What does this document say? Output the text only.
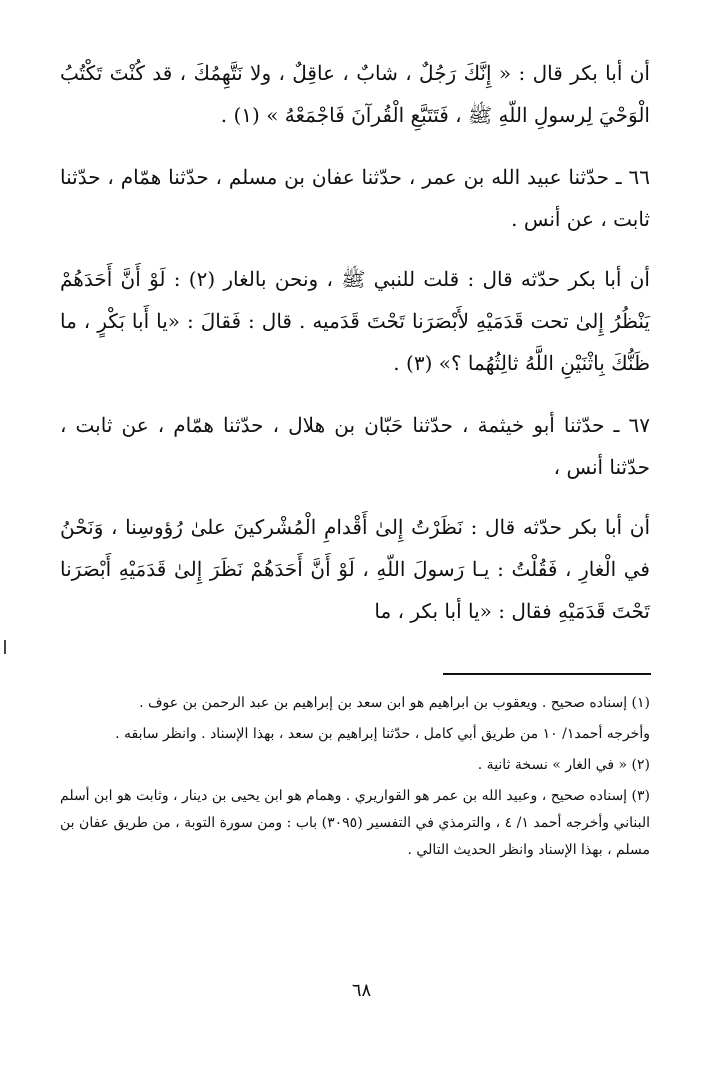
أن أبا بكر قال : « إِنَّكَ رَجُلٌ ، شابٌ ، عاقِلٌ ، ولا نَتَّهِمُكَ ، قد كُنْتَ تَكْتُبُ الْوَحْيَ لِرسولِ اللّهِ ﷺ ، فَتَتَبَّعِ الْقُرآنَ فَاجْمَعْهُ » (١) .

٦٦ ـ حدّثنا عبيد الله بن عمر ، حدّثنا عفان بن مسلم ، حدّثنا همّام ، حدّثنا ثابت ، عن أنس .

أن أبا بكر حدّثه قال : قلت للنبي ﷺ ، ونحن بالغار (٢) : لَوْ أَنَّ أَحَدَهُمْ يَنْظُرُ إِلىٰ تحت قَدَمَيْهِ لأَبْصَرَنا تَحْتَ قَدَميه . قال : فَقالَ : «يا أَبا بَكْرٍ ، ما ظَنُّكَ بِاثْنَيْنِ اللَّهُ ثالِثُهُما ؟» (٣) .

٦٧ ـ حدّثنا أبو خيثمة ، حدّثنا حَبّان بن هلال ، حدّثنا همّام ، عن ثابت ، حدّثنا أنس ،

أن أبا بكر حدّثه قال : نَظَرْتُ إِلىٰ أَقْدامِ الْمُشْركينَ علىٰ رُؤوسِنا ، وَنَحْنُ في الْغارِ ، فَقُلْتُ : يـا رَسولَ اللّهِ ، لَوْ أَنَّ أَحَدَهُمْ نَظَرَ إِلىٰ قَدَمَيْهِ أَبْصَرَنا تَحْتَ قَدَمَيْهِ فقال : «يا أبا بكر ، ما

(١) إسناده صحيح . ويعقوب بن ابراهيم هو ابن سعد بن إبراهيم بن عبد الرحمن بن عوف .

وأخرجه أحمد١/ ١٠ من طريق أبي كامل ، حدّثنا إبراهيم بن سعد ، بهذا الإسناد . وانظر سابقه .

(٢) « في الغار » نسخة ثانية .

(٣) إسناده صحيح ، وعبيد الله بن عمر هو القواريري . وهمام هو ابن يحيى بن دينار ، وثابت هو ابن أسلم البناني وأخرجه أحمد ١/ ٤ ، والترمذي في التفسير (٣٠٩٥) باب : ومن سورة التوبة ، من طريق عفان بن مسلم ، بهذا الإسناد وانظر الحديث التالي .

٦٨
